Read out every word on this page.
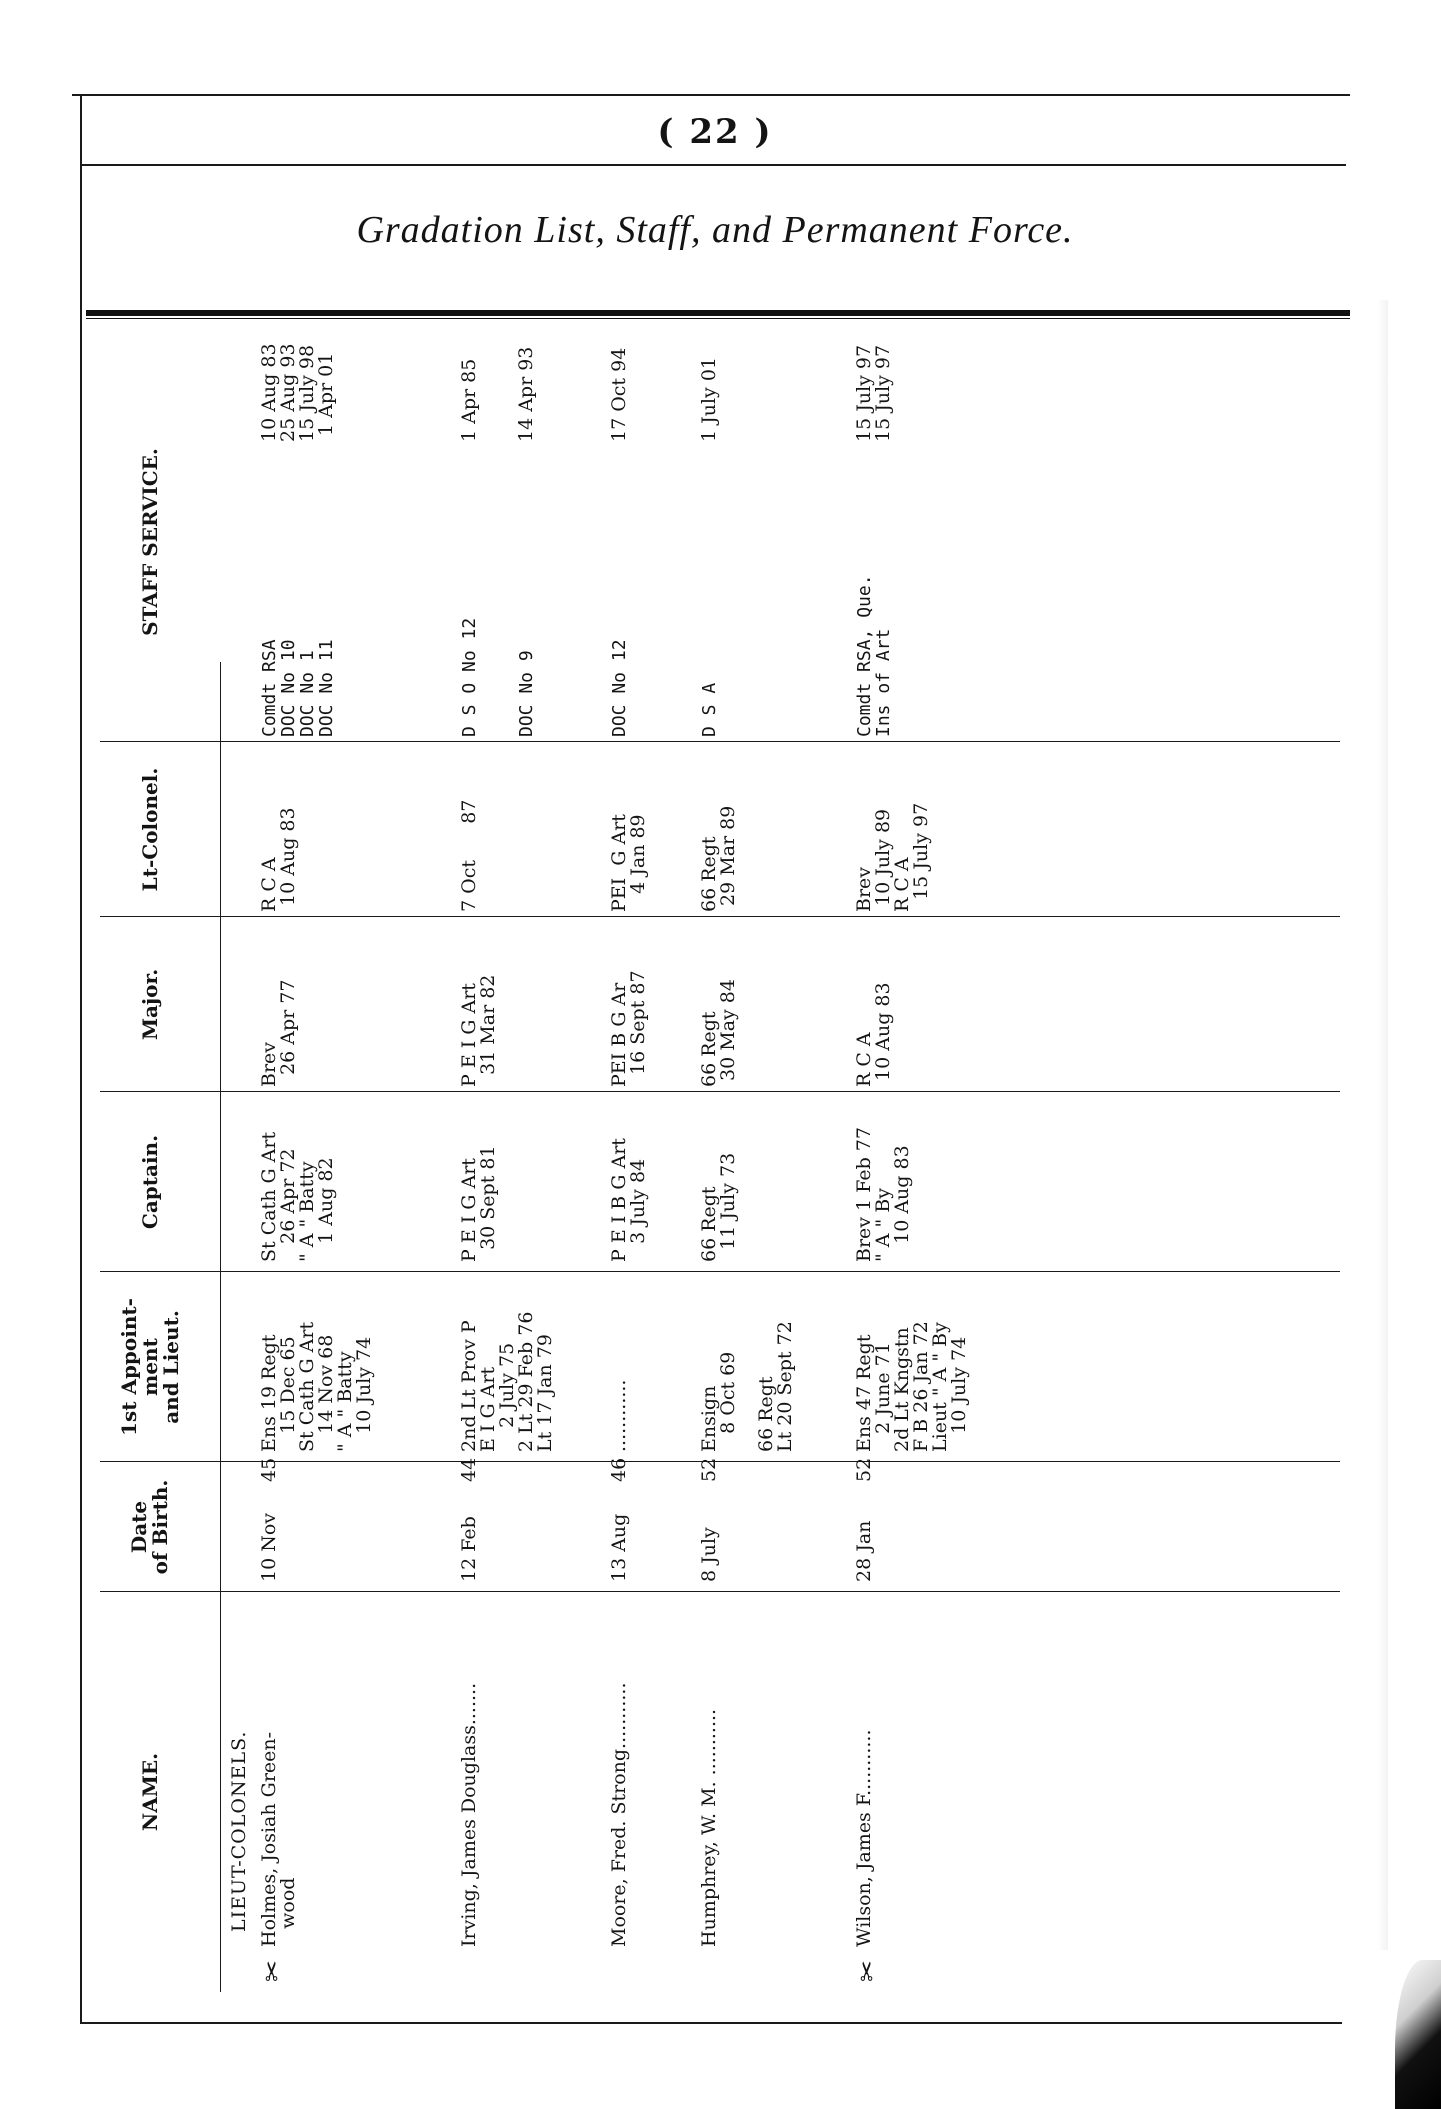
( 22 )
Gradation List, Staff, and Permanent Force.
NAME.
Date
of Birth.
1st Appoint-
ment
and Lieut.
Captain.
Major.
Lt-Colonel.
STAFF SERVICE.
LIEUT-COLONELS.
✂
Holmes, Josiah Green-
wood
10 Nov
45
Ens 19 Regt
15 Dec 65
St Cath G Art
14 Nov 68
" A " Batty
10 July 74
St Cath G Art
26 Apr 72
" A " Batty
1 Aug 82
Brev
26 Apr 77
R C A
10 Aug 83
Comdt RSA
DOC No 10
DOC No 1
DOC No 11
10 Aug 83
25 Aug 93
15 July 98
1 Apr 01
Irving, James Douglass.......
12 Feb
44
2nd Lt Prov P
E I G Art
2 July 75
2 Lt 29 Feb 76
Lt 17 Jan 79
P E I G Art
30 Sept 81
P E I G Art
31 Mar 82
7 Oct      87
D S O No 12

DOC No 9
1 Apr 85

14 Apr 93
Moore, Fred. Strong...........
13 Aug
46
............
P E I B G Art
3 July 84
PEI B G Ar
16 Sept 87
PEI  G Art
4 Jan 89
DOC No 12
17 Oct 94
Humphrey, W. M. ...........
8 July
52
Ensign
8 Oct 69

66 Regt
Lt 20 Sept 72
66 Regt
11 July 73
66 Regt
30 May 84
66 Regt
29 Mar 89
D S A
1 July 01
✂
Wilson, James F...........
28 Jan
52
Ens 47 Regt
2 June 71
2d Lt Kngstn
F B 26 Jan 72
Lieut " A " By
10 July 74
Brev 1 Feb 77
" A " By
10 Aug 83
R C A
10 Aug 83
Brev
10 July 89
R C A
15 July 97
Comdt RSA, Que.
Ins of Art
15 July 97
15 July 97
